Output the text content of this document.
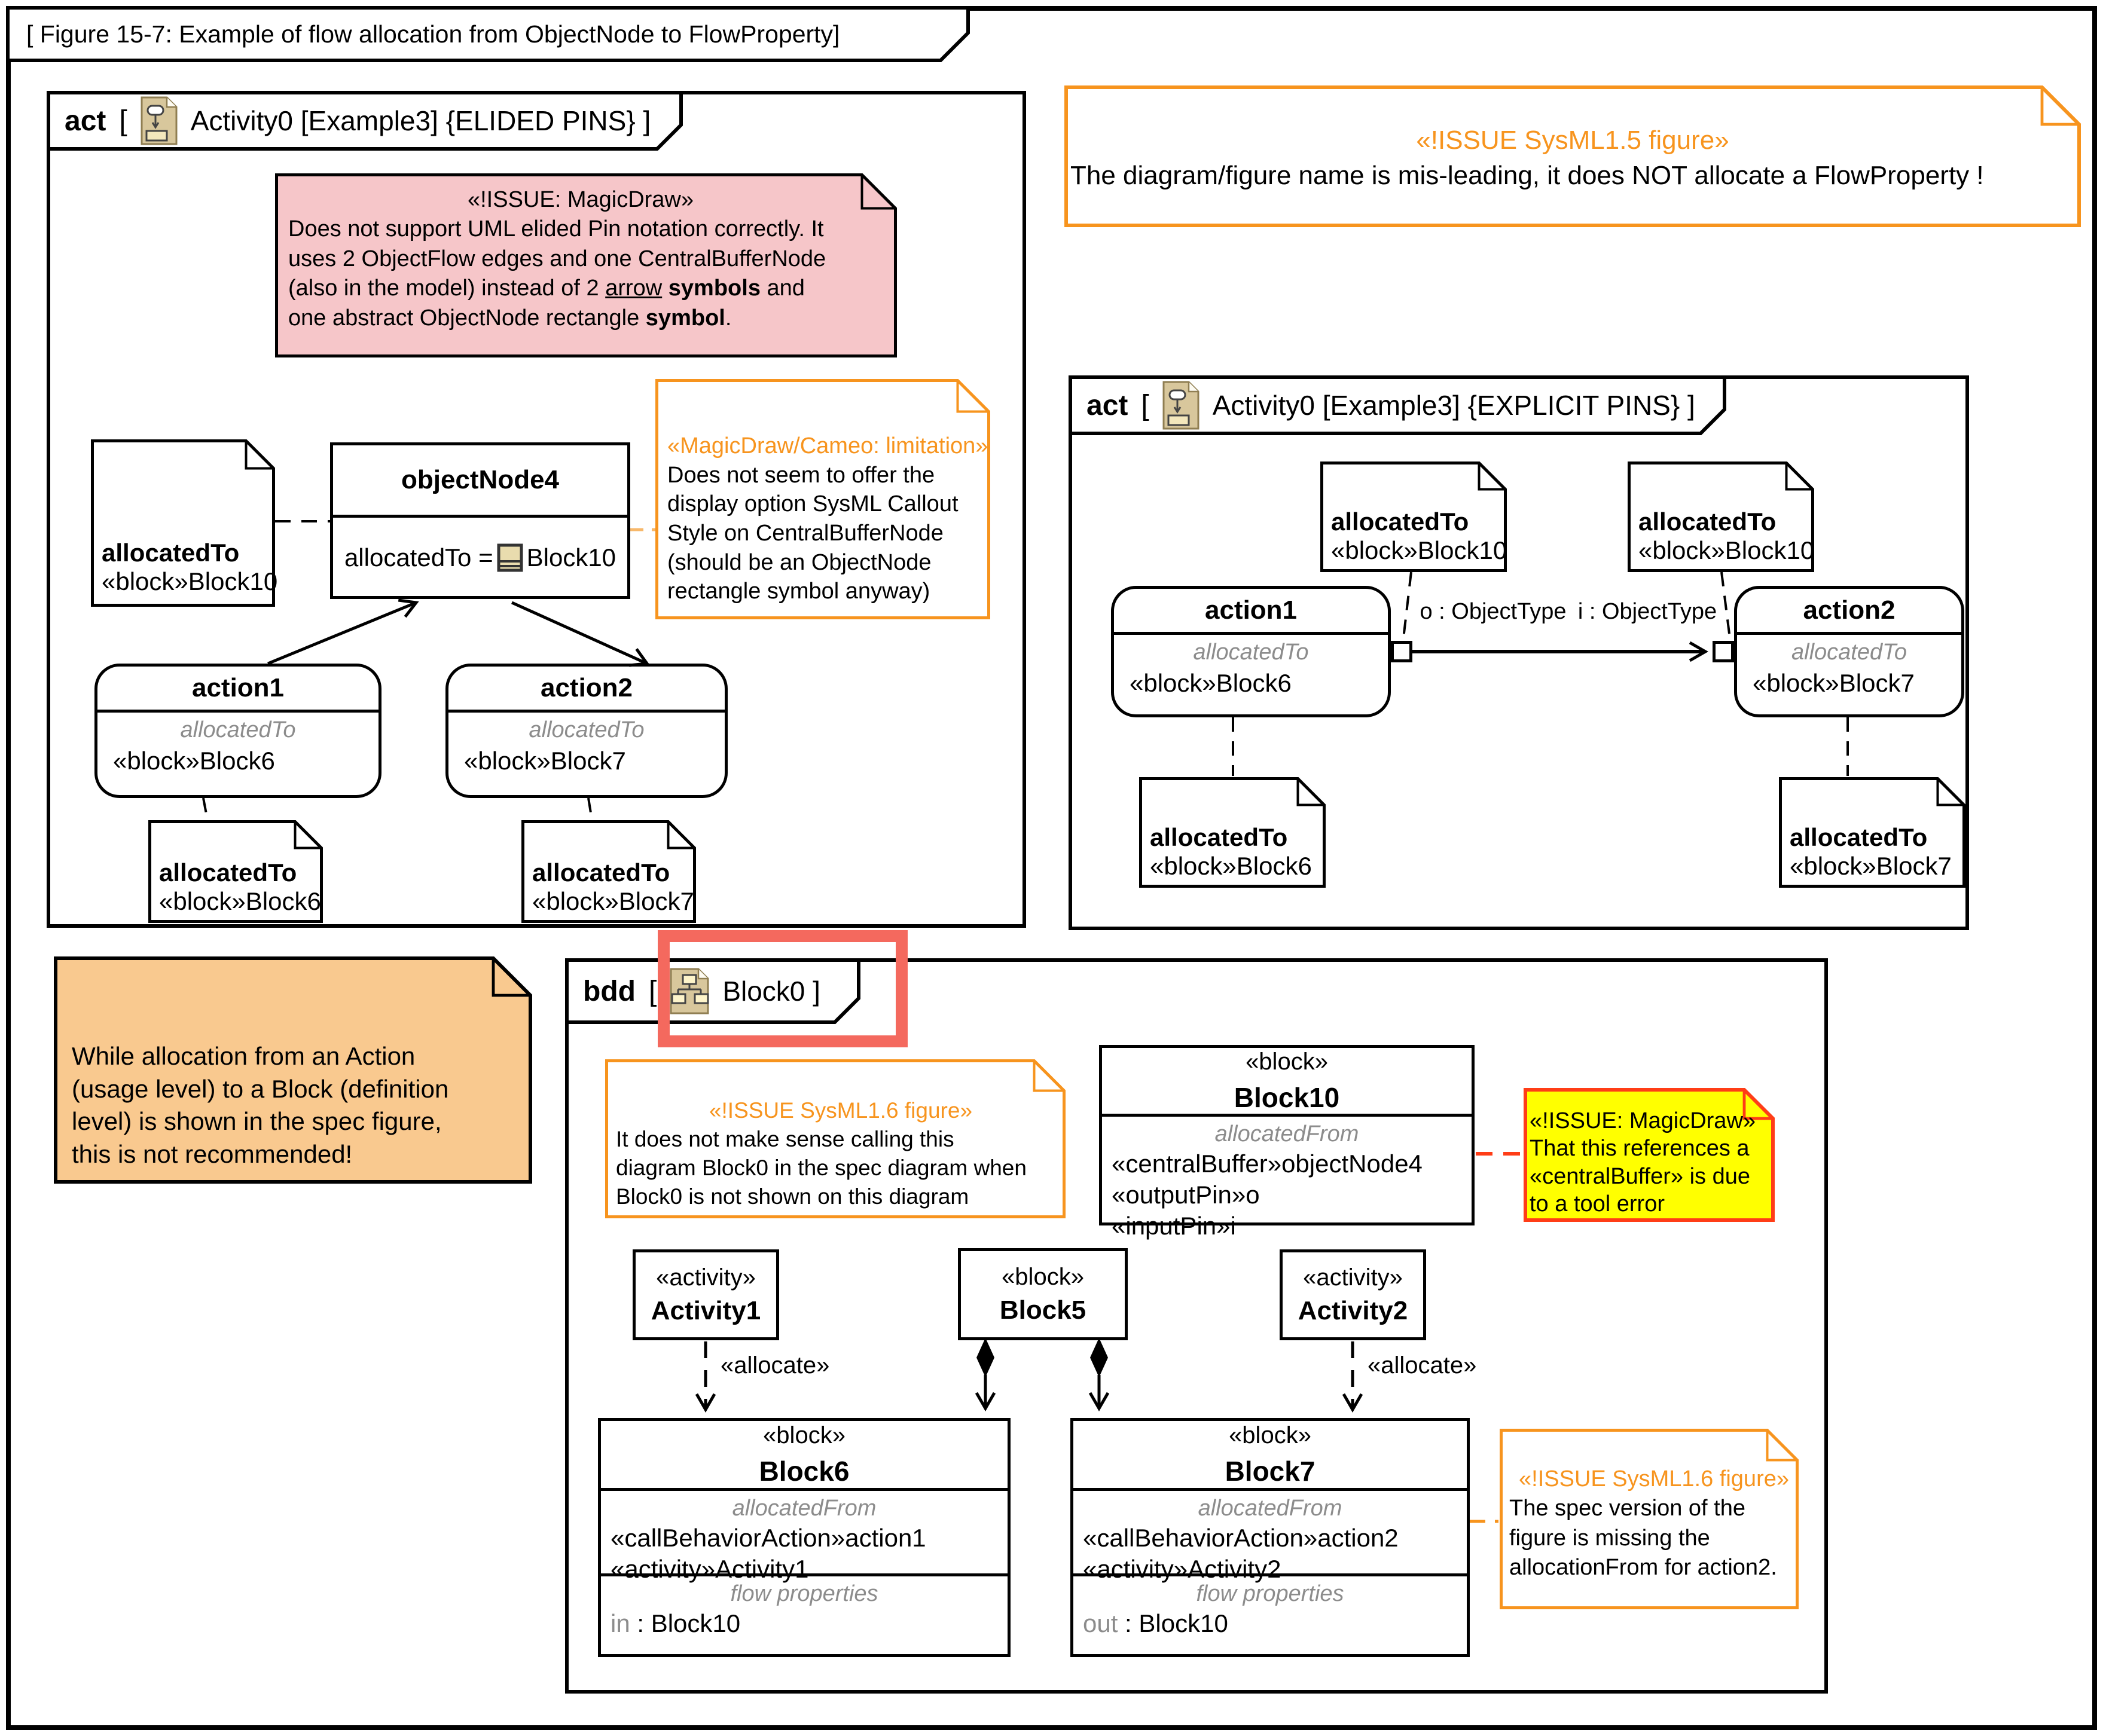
[ Figure 15-7: Example of flow allocation from ObjectNode to FlowProperty]
act [ Activity0 [Example3] {ELIDED PINS} ]
«!ISSUE: MagicDraw»
Does not support UML elided Pin notation correctly. It
uses 2 ObjectFlow edges and one CentralBufferNode
(also in the model) instead of 2 arrow symbols and
one abstract ObjectNode rectangle symbol.
allocatedTo
«block»Block10
objectNode4
allocatedTo = Block10
«MagicDraw/Cameo: limitation»
Does not seem to offer the
display option SysML Callout
Style on CentralBufferNode
(should be an ObjectNode
rectangle symbol anyway)
action1
allocatedTo
«block»Block6
action2
allocatedTo
«block»Block7
allocatedTo
«block»Block6
allocatedTo
«block»Block7
«!ISSUE SysML1.5 figure»
The diagram/figure name is mis-leading, it does NOT allocate a FlowProperty !
act [ Activity0 [Example3] {EXPLICIT PINS} ]
allocatedTo
«block»Block10
allocatedTo
«block»Block10
action1
allocatedTo
«block»Block6
action2
allocatedTo
«block»Block7
o : ObjectType i : ObjectType
allocatedTo
«block»Block6
allocatedTo
«block»Block7
While allocation from an Action
(usage level) to a Block (definition
level) is shown in the spec figure,
this is not recommended!
bdd [ Block0 ]
«!ISSUE SysML1.6 figure»
It does not make sense calling this
diagram Block0 in the spec diagram when
Block0 is not shown on this diagram
«block»
Block10
allocatedFrom
«centralBuffer»objectNode4
«outputPin»o
«inputPin»i
«!ISSUE: MagicDraw»
That this references a
«centralBuffer» is due
to a tool error
«activity»
Activity1
«block»
Block5
«activity»
Activity2
«allocate»	«allocate»
«block»
Block6
allocatedFrom
«callBehaviorAction»action1
«activity»Activity1
flow properties
in : Block10
«block»
Block7
allocatedFrom
«callBehaviorAction»action2
«activity»Activity2
flow properties
out : Block10
«!ISSUE SysML1.6 figure»
The spec version of the
figure is missing the
allocationFrom for action2.
